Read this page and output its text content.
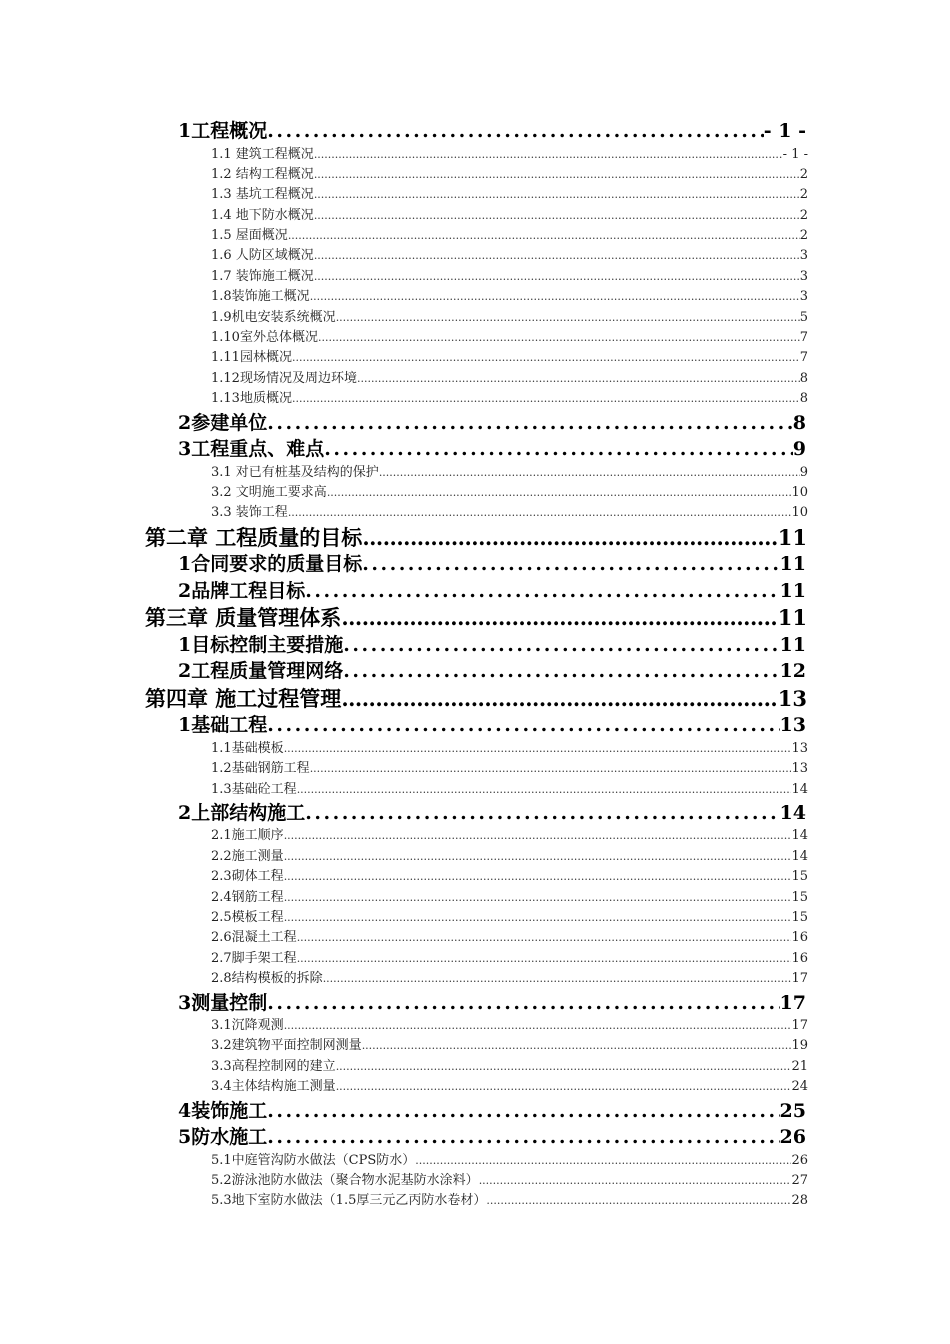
1工程概况 .....	- 1 -
1.1 建筑工程概况 .....	- 1 -
1.2 结构工程概况 .....	2
1.3 基坑工程概况 .....	2
1.4 地下防水概况 .....	2
1.5 屋面概况 .....	2
1.6 人防区域概况 .....	3
1.7 装饰施工概况 .....	3
1.8装饰施工概况 .....	3
1.9机电安装系统概况 .....	5
1.10室外总体概况 .....	7
1.11园林概况 .....	7
1.12现场情况及周边环境 .....	8
1.13地质概况 .....	8
2参建单位 .....	8
3工程重点、难点 .....	9
3.1 对已有桩基及结构的保护 .....	9
3.2 文明施工要求高 .....	10
3.3 装饰工程 .....	10
第二章 工程质量的目标 .....	11
1合同要求的质量目标 .....	11
2品牌工程目标 .....	11
第三章 质量管理体系 .....	11
1目标控制主要措施 .....	11
2工程质量管理网络 .....	12
第四章 施工过程管理 .....	13
1基础工程 .....	13
1.1基础模板 .....	13
1.2基础钢筋工程 .....	13
1.3基础砼工程 .....	14
2上部结构施工 .....	14
2.1施工顺序 .....	14
2.2施工测量 .....	14
2.3砌体工程 .....	15
2.4钢筋工程 .....	15
2.5模板工程 .....	15
2.6混凝土工程 .....	16
2.7脚手架工程 .....	16
2.8结构模板的拆除 .....	17
3测量控制 .....	17
3.1沉降观测 .....	17
3.2建筑物平面控制网测量 .....	19
3.3高程控制网的建立 .....	21
3.4主体结构施工测量 .....	24
4装饰施工 .....	25
5防水施工 .....	26
5.1中庭管沟防水做法（CPS防水） .....	26
5.2游泳池防水做法（聚合物水泥基防水涂料） .....	27
5.3地下室防水做法（1.5厚三元乙丙防水卷材） .....	28
